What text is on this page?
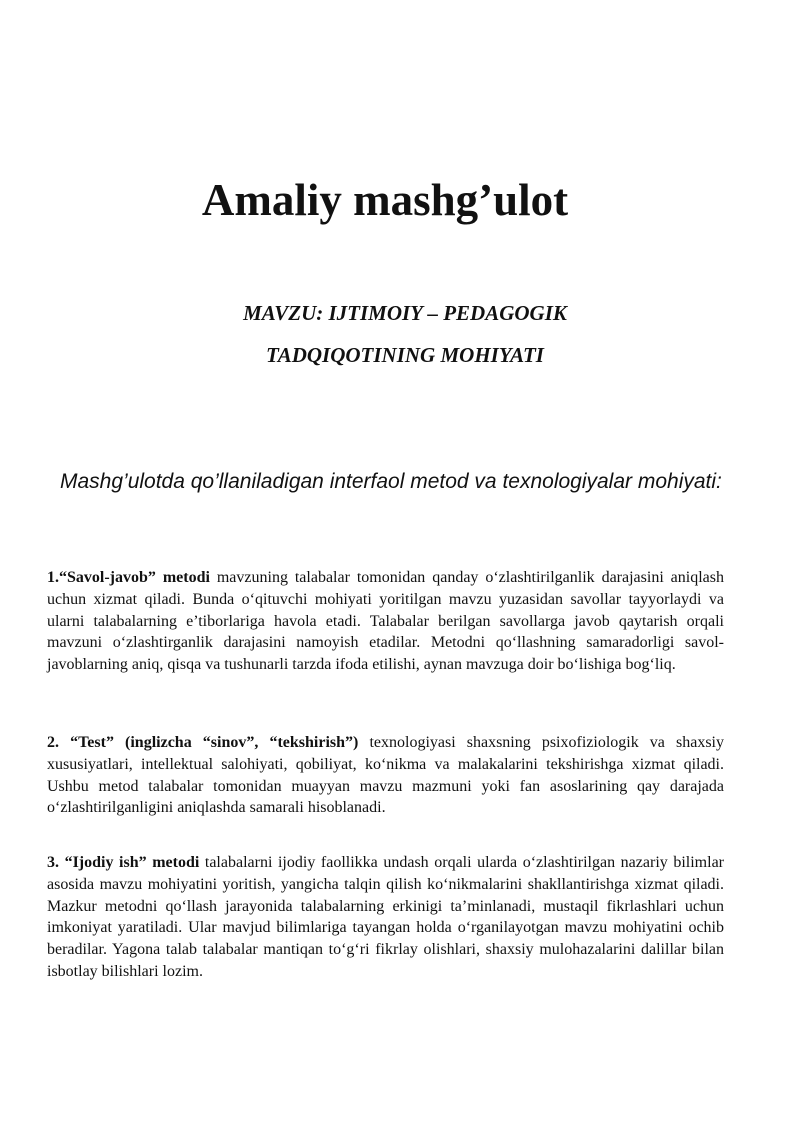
Amaliy mashg’ulot

MAVZU: IJTIMOIY – PEDAGOGIK

TADQIQOTINING MOHIYATI

Mashg’ulotda qo’llaniladigan interfaol metod va texnologiyalar mohiyati:

1.“Savol-javob” metodi mavzuning talabalar tomonidan qanday o‘zlashtirilganlik darajasini aniqlash uchun xizmat qiladi. Bunda o‘qituvchi mohiyati yoritilgan mavzu yuzasidan savollar tayyorlaydi va ularni talabalarning e’tiborlariga havola etadi. Talabalar berilgan savollarga javob qaytarish orqali mavzuni o‘zlashtirganlik darajasini namoyish etadilar. Metodni qo‘llashning samaradorligi savol-javoblarning aniq, qisqa va tushunarli tarzda ifoda etilishi, aynan mavzuga doir bo‘lishiga bog‘liq.

2. “Test” (inglizcha “sinov”, “tekshirish”) texnologiyasi shaxsning psixofiziologik va shaxsiy xususiyatlari, intellektual salohiyati, qobiliyat, ko‘nikma va malakalarini tekshirishga xizmat qiladi. Ushbu metod talabalar tomonidan muayyan mavzu mazmuni yoki fan asoslarining qay darajada o‘zlashtirilganligini aniqlashda samarali hisoblanadi.

3. “Ijodiy ish” metodi talabalarni ijodiy faollikka undash orqali ularda o‘zlashtirilgan nazariy bilimlar asosida mavzu mohiyatini yoritish, yangicha talqin qilish ko‘nikmalarini shakllantirishga xizmat qiladi. Mazkur metodni qo‘llash jarayonida talabalarning erkinigi ta’minlanadi, mustaqil fikrlashlari uchun imkoniyat yaratiladi. Ular mavjud bilimlariga tayangan holda o‘rganilayotgan mavzu mohiyatini ochib beradilar. Yagona talab talabalar mantiqan to‘g‘ri fikrlay olishlari, shaxsiy mulohazalarini dalillar bilan isbotlay bilishlari lozim.
